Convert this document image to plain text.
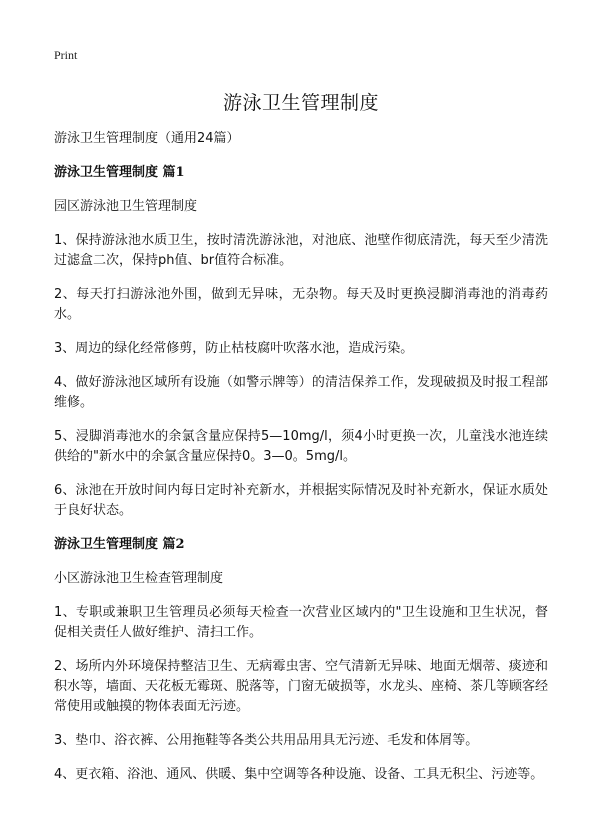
Print
游泳卫生管理制度
游泳卫生管理制度（通用24篇）
游泳卫生管理制度 篇1
园区游泳池卫生管理制度
1、保持游泳池水质卫生，按时清洗游泳池，对池底、池壁作彻底清洗，每天至少清洗过滤盒二次，保持ph值、br值符合标准。
2、每天打扫游泳池外围，做到无异味，无杂物。每天及时更换浸脚消毒池的消毒药水。
3、周边的绿化经常修剪，防止枯枝腐叶吹落水池，造成污染。
4、做好游泳池区域所有设施（如警示牌等）的清洁保养工作，发现破损及时报工程部维修。
5、浸脚消毒池水的余氯含量应保持5—10mg/l，须4小时更换一次，儿童浅水池连续供给的"新水中的余氯含量应保持0。3—0。5mg/l。
6、泳池在开放时间内每日定时补充新水，并根据实际情况及时补充新水，保证水质处于良好状态。
游泳卫生管理制度 篇2
小区游泳池卫生检查管理制度
1、专职或兼职卫生管理员必须每天检查一次营业区域内的"卫生设施和卫生状况，督促相关责任人做好维护、清扫工作。
2、场所内外环境保持整洁卫生、无病霉虫害、空气清新无异味、地面无烟蒂、痰迹和积水等，墙面、天花板无霉斑、脱落等，门窗无破损等，水龙头、座椅、茶几等顾客经常使用或触摸的物体表面无污迹。
3、垫巾、浴衣裤、公用拖鞋等各类公共用品用具无污迹、毛发和体屑等。
4、更衣箱、浴池、通风、供暖、集中空调等各种设施、设备、工具无积尘、污迹等。
